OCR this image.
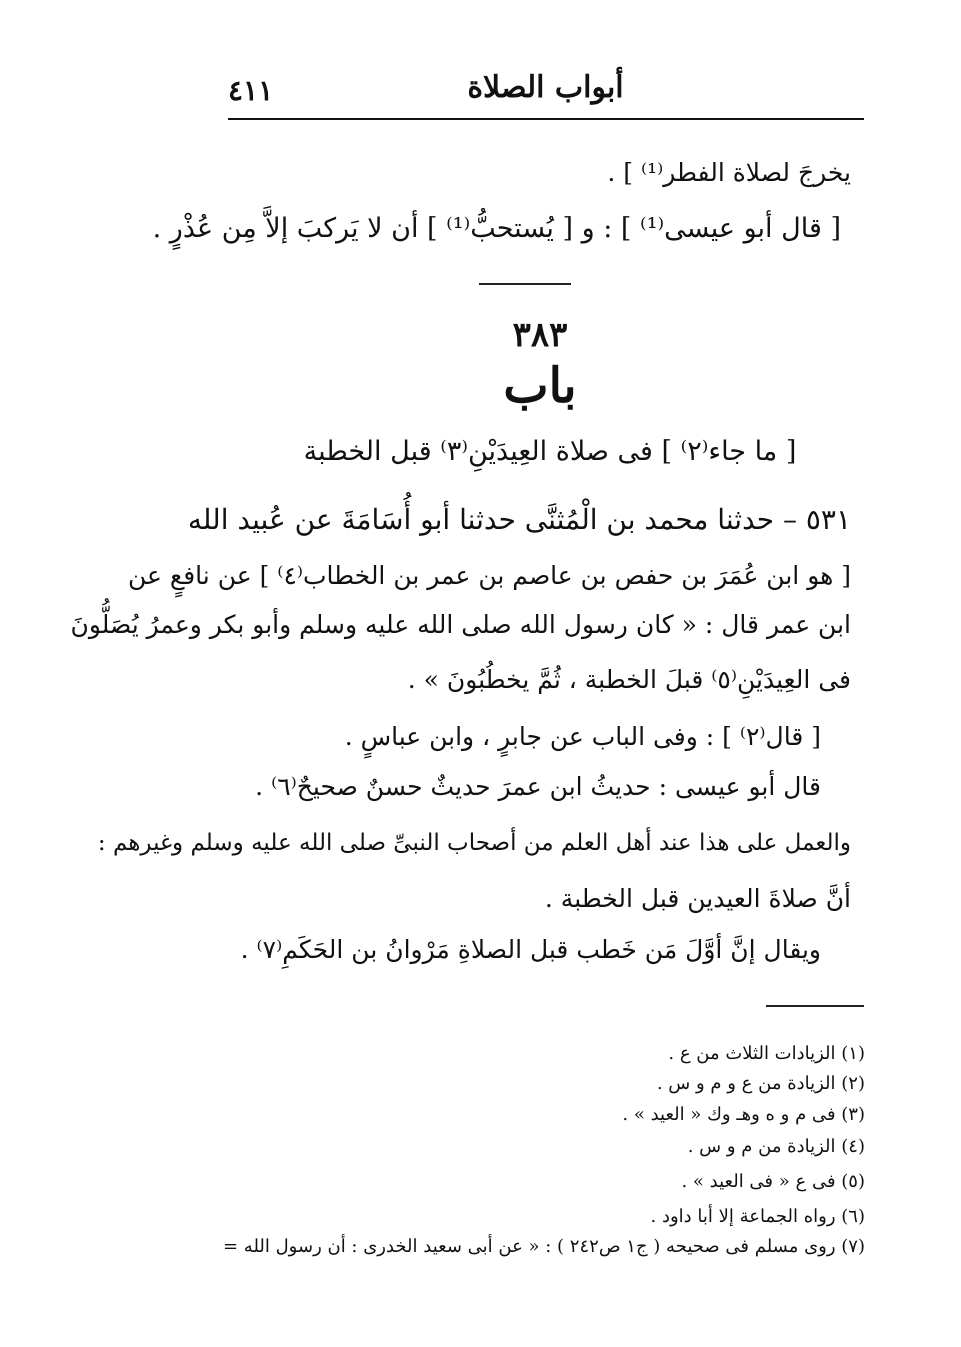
٤١١	أبواب الصلاة
يخرجَ لصلاة الفطر⁽¹⁾ ] .
[ قال أبو عيسى⁽¹⁾ ] : و [ يُستحبُّ⁽¹⁾ ] أن لا يَركبَ إلاَّ مِن عُذْرٍ .
٣٨٣
باب
[ ما جاء⁽٢⁾ ] فى صلاة العِيدَيْنِ⁽٣⁾ قبل الخطبة
٥٣١ – حدثنا محمد بن الْمُثنَّى حدثنا أبو أُسَامَةَ عن عُبيد الله
[ هو ابن عُمَرَ بن حفص بن عاصم بن عمر بن الخطاب⁽٤⁾ ] عن نافعٍ عن
ابن عمر قال : « كان رسول الله صلى الله عليه وسلم وأبو بكر وعمرُ يُصَلُّونَ
فى العِيدَيْنِ⁽٥⁾ قبلَ الخطبة ، ثُمَّ يخطُبُونَ » .
[ قال⁽٢⁾ ] : وفى الباب عن جابرٍ ، وابن عباسٍ .
قال أبو عيسى : حديثُ ابن عمرَ حديثٌ حسنٌ صحيحٌ⁽٦⁾ .
والعمل على هذا عند أهل العلم من أصحاب النبىِّ صلى الله عليه وسلم وغيرهم :
أنَّ صلاةَ العيدين قبل الخطبة .
ويقال إنَّ أوَّلَ مَن خَطب قبل الصلاةِ مَرْوانُ بن الحَكَمِ⁽٧⁾ .
(١) الزيادات الثلاث من ع .
(٢) الزيادة من ع و م و س .
(٣) فى م و ه وهـ وك « العيد » .
(٤) الزيادة من م و س .
(٥) فى ع « فى العيد » .
(٦) رواه الجماعة إلا أبا داود .
(٧) روى مسلم فى صحيحه ( ج١ ص٢٤٢ ) : « عن أبى سعيد الخدرى : أن رسول الله =
